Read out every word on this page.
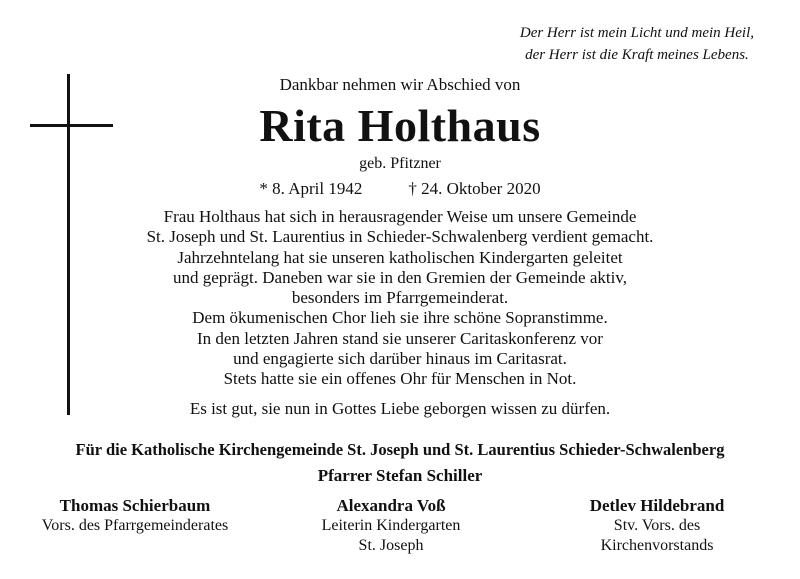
Der Herr ist mein Licht und mein Heil,
der Herr ist die Kraft meines Lebens.
Dankbar nehmen wir Abschied von
Rita Holthaus
geb. Pfitzner
* 8. April 1942	† 24. Oktober 2020
Frau Holthaus hat sich in herausragender Weise um unsere Gemeinde
St. Joseph und St. Laurentius in Schieder-Schwalenberg verdient gemacht.
Jahrzehntelang hat sie unseren katholischen Kindergarten geleitet
und geprägt. Daneben war sie in den Gremien der Gemeinde aktiv,
besonders im Pfarrgemeinderat.
Dem ökumenischen Chor lieh sie ihre schöne Sopranstimme.
In den letzten Jahren stand sie unserer Caritaskonferenz vor
und engagierte sich darüber hinaus im Caritasrat.
Stets hatte sie ein offenes Ohr für Menschen in Not.
Es ist gut, sie nun in Gottes Liebe geborgen wissen zu dürfen.
Für die Katholische Kirchengemeinde St. Joseph und St. Laurentius Schieder-Schwalenberg
Pfarrer Stefan Schiller
Thomas Schierbaum
Vors. des Pfarrgemeinderates
Alexandra Voß
Leiterin Kindergarten
St. Joseph
Detlev Hildebrand
Stv. Vors. des
Kirchenvorstands
